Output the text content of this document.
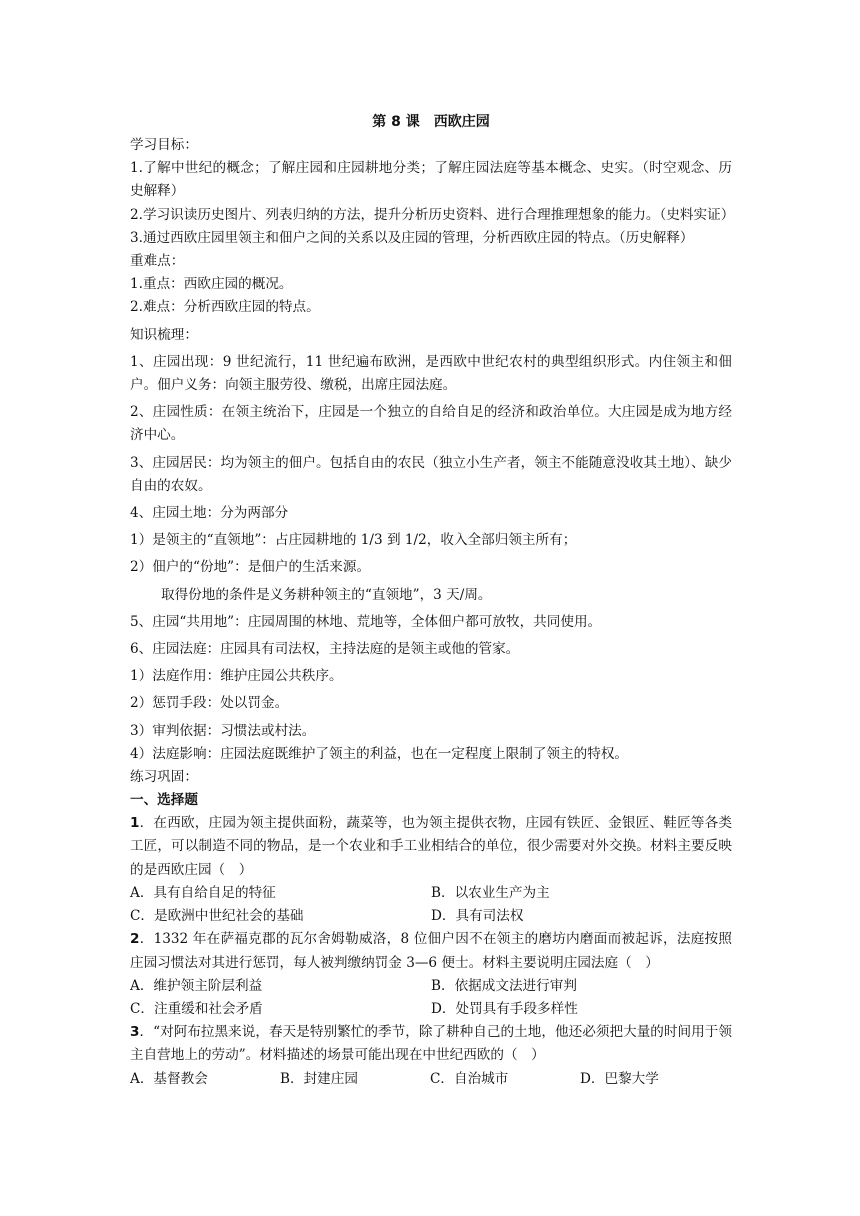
第 8 课　西欧庄园
学习目标：
1.了解中世纪的概念；了解庄园和庄园耕地分类；了解庄园法庭等基本概念、史实。（时空观念、历史解释）
2.学习识读历史图片、列表归纳的方法，提升分析历史资料、进行合理推理想象的能力。（史料实证）
3.通过西欧庄园里领主和佃户之间的关系以及庄园的管理，分析西欧庄园的特点。（历史解释）
重难点：
1.重点：西欧庄园的概况。
2.难点：分析西欧庄园的特点。
知识梳理：
1、庄园出现：9 世纪流行，11 世纪遍布欧洲，是西欧中世纪农村的典型组织形式。内住领主和佃户。佃户义务：向领主服劳役、缴税，出席庄园法庭。
2、庄园性质：在领主统治下，庄园是一个独立的自给自足的经济和政治单位。大庄园是成为地方经济中心。
3、庄园居民：均为领主的佃户。包括自由的农民（独立小生产者，领主不能随意没收其土地）、缺少自由的农奴。
4、庄园土地：分为两部分
1）是领主的“直领地”：占庄园耕地的 1/3 到 1/2，收入全部归领主所有；
2）佃户的“份地”：是佃户的生活来源。
取得份地的条件是义务耕种领主的“直领地”，3 天/周。
5、庄园“共用地”：庄园周围的林地、荒地等，全体佃户都可放牧，共同使用。
6、庄园法庭：庄园具有司法权，主持法庭的是领主或他的管家。
1）法庭作用：维护庄园公共秩序。
2）惩罚手段：处以罚金。
3）审判依据：习惯法或村法。
4）法庭影响：庄园法庭既维护了领主的利益，也在一定程度上限制了领主的特权。
练习巩固：
一、选择题
1．在西欧，庄园为领主提供面粉，蔬菜等，也为领主提供衣物，庄园有铁匠、金银匠、鞋匠等各类工匠，可以制造不同的物品，是一个农业和手工业相结合的单位，很少需要对外交换。材料主要反映的是西欧庄园（　）
A．具有自给自足的特征	B．以农业生产为主
C．是欧洲中世纪社会的基础	D．具有司法权
2．1332 年在萨福克郡的瓦尔舍姆勒威洛，8 位佃户因不在领主的磨坊内磨面而被起诉，法庭按照庄园习惯法对其进行惩罚，每人被判缴纳罚金 3—6 便士。材料主要说明庄园法庭（　）
A．维护领主阶层利益	B．依据成文法进行审判
C．注重缓和社会矛盾	D．处罚具有手段多样性
3．“对阿布拉黑来说，春天是特别繁忙的季节，除了耕种自己的土地，他还必须把大量的时间用于领主自营地上的劳动”。材料描述的场景可能出现在中世纪西欧的（　）
A．基督教会	B．封建庄园	C．自治城市	D．巴黎大学
